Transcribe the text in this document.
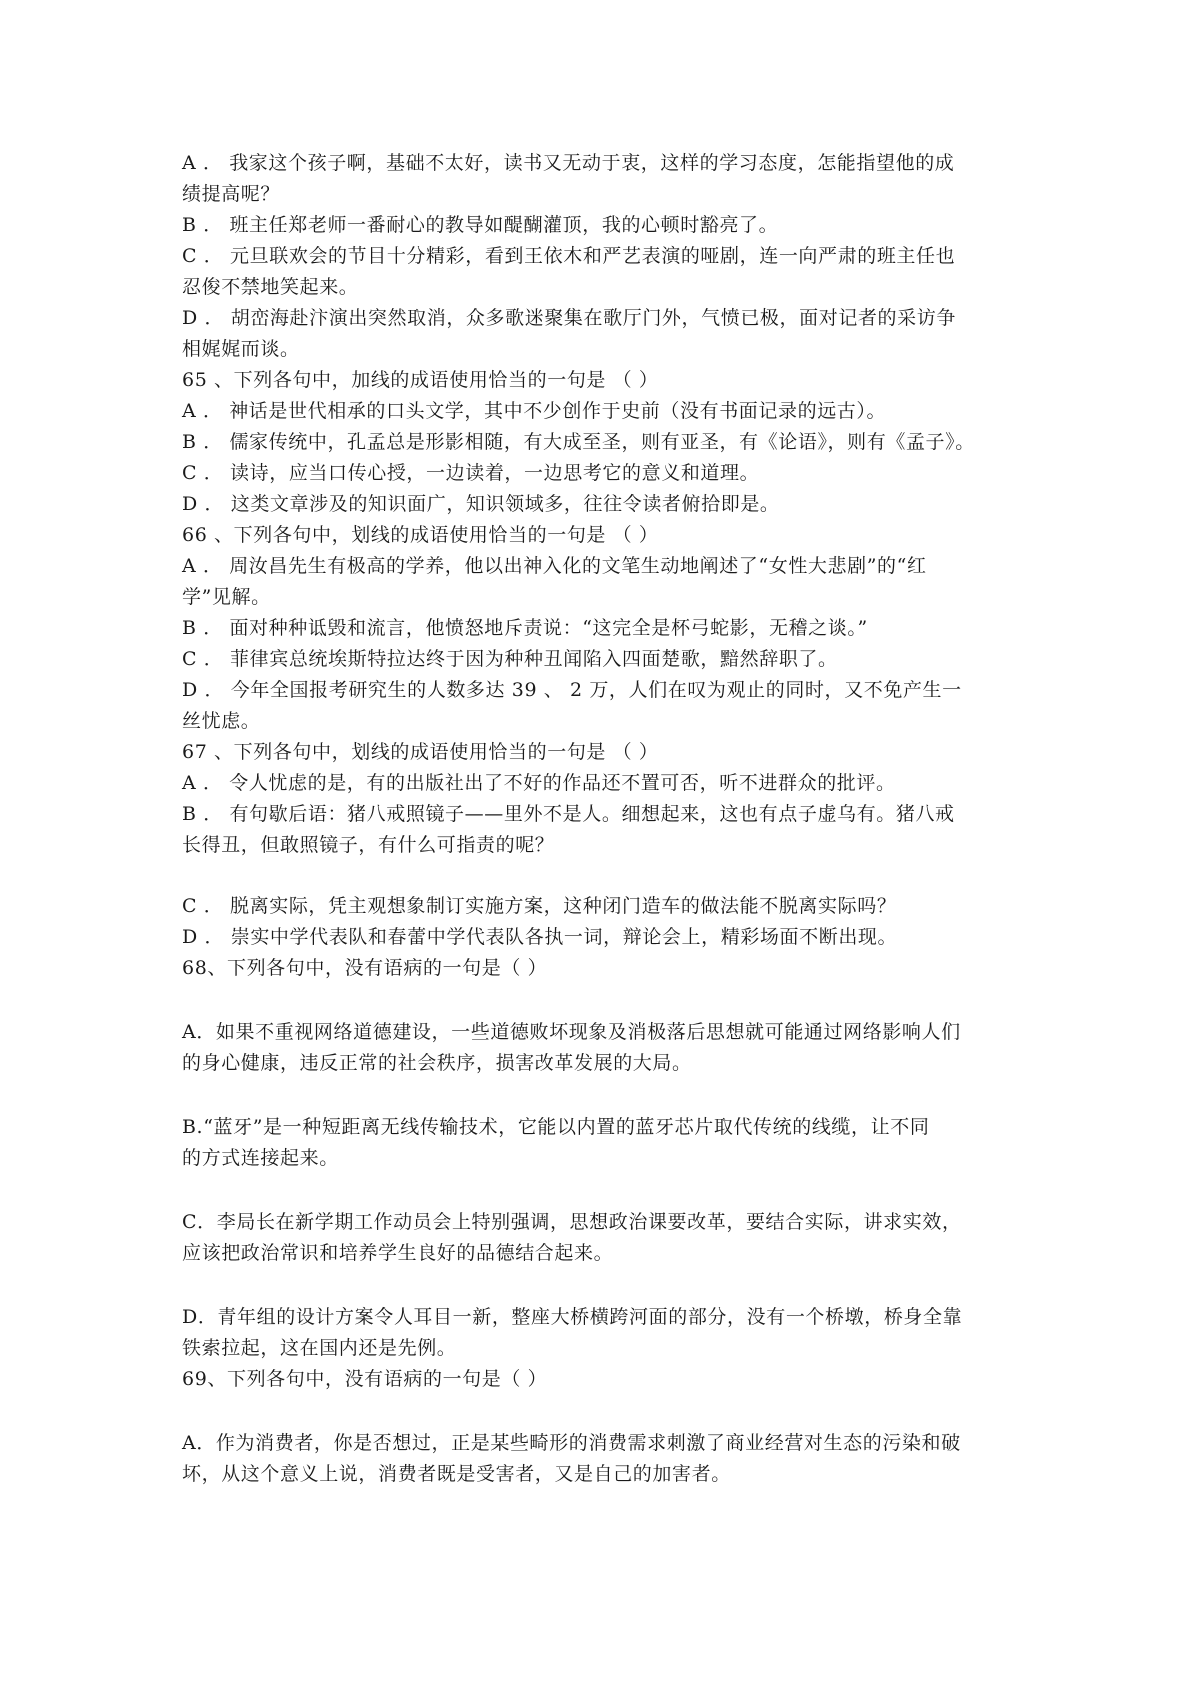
A ． 我家这个孩子啊，基础不太好，读书又无动于衷，这样的学习态度，怎能指望他的成
绩提高呢？
B ． 班主任郑老师一番耐心的教导如醍醐灌顶，我的心顿时豁亮了。
C ． 元旦联欢会的节目十分精彩，看到王依木和严艺表演的哑剧，连一向严肃的班主任也
忍俊不禁地笑起来。
D ． 胡峦海赴汴演出突然取消，众多歌迷聚集在歌厅门外，气愤已极，面对记者的采访争
相娓娓而谈。
65 、下列各句中，加线的成语使用恰当的一句是 （ ）
A ． 神话是世代相承的口头文学，其中不少创作于史前（没有书面记录的远古）。
B ． 儒家传统中，孔孟总是形影相随，有大成至圣，则有亚圣，有《论语》，则有《孟子》。
C ． 读诗，应当口传心授，一边读着，一边思考它的意义和道理。
D ． 这类文章涉及的知识面广，知识领域多，往往令读者俯拾即是。
66 、下列各句中，划线的成语使用恰当的一句是 （ ）
A ． 周汝昌先生有极高的学养，他以出神入化的文笔生动地阐述了“女性大悲剧”的“红
学”见解。
B ． 面对种种诋毁和流言，他愤怒地斥责说：“这完全是杯弓蛇影，无稽之谈。”
C ． 菲律宾总统埃斯特拉达终于因为种种丑闻陷入四面楚歌，黯然辞职了。
D ． 今年全国报考研究生的人数多达 39 、 2 万，人们在叹为观止的同时，又不免产生一
丝忧虑。
67 、下列各句中，划线的成语使用恰当的一句是 （ ）
A ． 令人忧虑的是，有的出版社出了不好的作品还不置可否，听不进群众的批评。
B ． 有句歇后语：猪八戒照镜子——里外不是人。细想起来，这也有点子虚乌有。猪八戒
长得丑，但敢照镜子，有什么可指责的呢？
C ． 脱离实际，凭主观想象制订实施方案，这种闭门造车的做法能不脱离实际吗？
D ． 崇实中学代表队和春蕾中学代表队各执一词，辩论会上，精彩场面不断出现。
68、下列各句中，没有语病的一句是（ ）
A．如果不重视网络道德建设，一些道德败坏现象及消极落后思想就可能通过网络影响人们
的身心健康，违反正常的社会秩序，损害改革发展的大局。
B.“蓝牙”是一种短距离无线传输技术，它能以内置的蓝牙芯片取代传统的线缆，让不同
的方式连接起来。
C．李局长在新学期工作动员会上特别强调，思想政治课要改革，要结合实际，讲求实效，
应该把政治常识和培养学生良好的品德结合起来。
D．青年组的设计方案令人耳目一新，整座大桥横跨河面的部分，没有一个桥墩，桥身全靠
铁索拉起，这在国内还是先例。
69、下列各句中，没有语病的一句是（ ）
A．作为消费者，你是否想过，正是某些畸形的消费需求刺激了商业经营对生态的污染和破
坏，从这个意义上说，消费者既是受害者，又是自己的加害者。
